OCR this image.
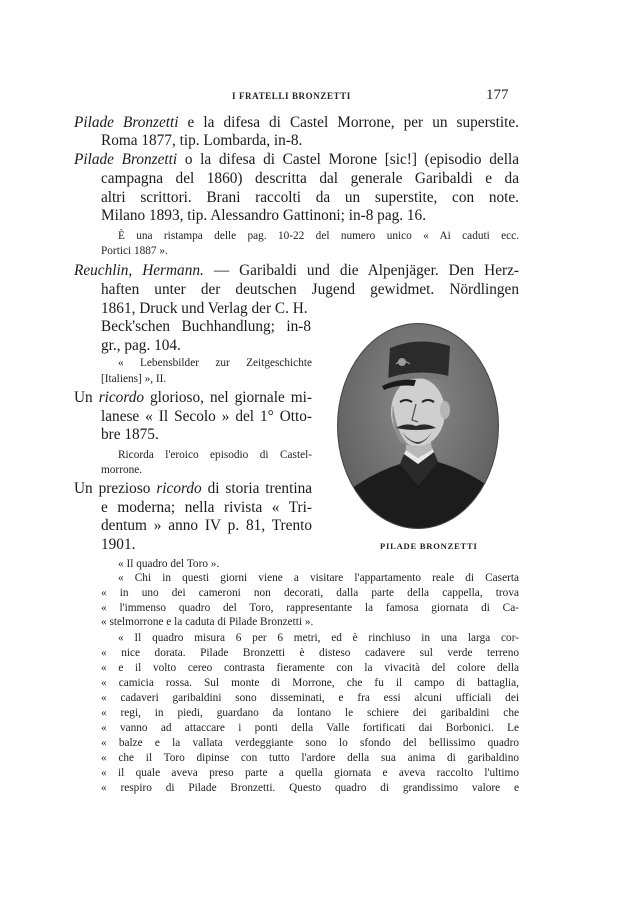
I FRATELLI BRONZETTI	177
Pilade Bronzetti e la difesa di Castel Morrone, per un superstite.
Roma 1877, tip. Lombarda, in-8.
Pilade Bronzetti o la difesa di Castel Morone [sic!] (episodio della
campagna del 1860) descritta dal generale Garibaldi e da
altri scrittori. Brani raccolti da un superstite, con note.
Milano 1893, tip. Alessandro Gattinoni; in-8 pag. 16.
È una ristampa delle pag. 10-22 del numero unico « Ai caduti ecc.
Portici 1887 ».
Reuchlin, Hermann. — Garibaldi und die Alpenjäger. Den Herz-
haften unter der deutschen Jugend gewidmet. Nördlingen
1861, Druck und Verlag der C. H.
Beck'schen Buchhandlung; in-8
gr., pag. 104.
« Lebensbilder zur Zeitgeschichte
[Italiens] », II.
Un ricordo glorioso, nel giornale mi-
lanese « Il Secolo » del 1° Otto-
bre 1875.
Ricorda l'eroico episodio di Castel-
morrone.
Un prezioso ricordo di storia trentina
e moderna; nella rivista « Tri-
dentum » anno IV p. 81, Trento
1901.
« Il quadro del Toro ».
« Chi in questi giorni viene a visitare l'appartamento reale di Caserta
« in uno dei cameroni non decorati, dalla parte della cappella, trova
« l'immenso quadro del Toro, rappresentante la famosa giornata di Ca-
« stelmorrone e la caduta di Pilade Bronzetti ».
« Il quadro misura 6 per 6 metri, ed è rinchiuso in una larga cor-
« nice dorata. Pilade Bronzetti è disteso cadavere sul verde terreno
« e il volto cereo contrasta fieramente con la vivacità del colore della
« camicia rossa. Sul monte di Morrone, che fu il campo di battaglia,
« cadaveri garibaldini sono disseminati, e fra essi alcuni ufficiali dei
« regi, in piedi, guardano da lontano le schiere dei garibaldini che
« vanno ad attaccare i ponti della Valle fortificati dai Borbonici. Le
« balze e la vallata verdeggiante sono lo sfondo del bellissimo quadro
« che il Toro dipinse con tutto l'ardore della sua anima di garibaldino
« il quale aveva preso parte a quella giornata e aveva raccolto l'ultimo
« respiro di Pilade Bronzetti. Questo quadro di grandissimo valore e
PILADE BRONZETTI
